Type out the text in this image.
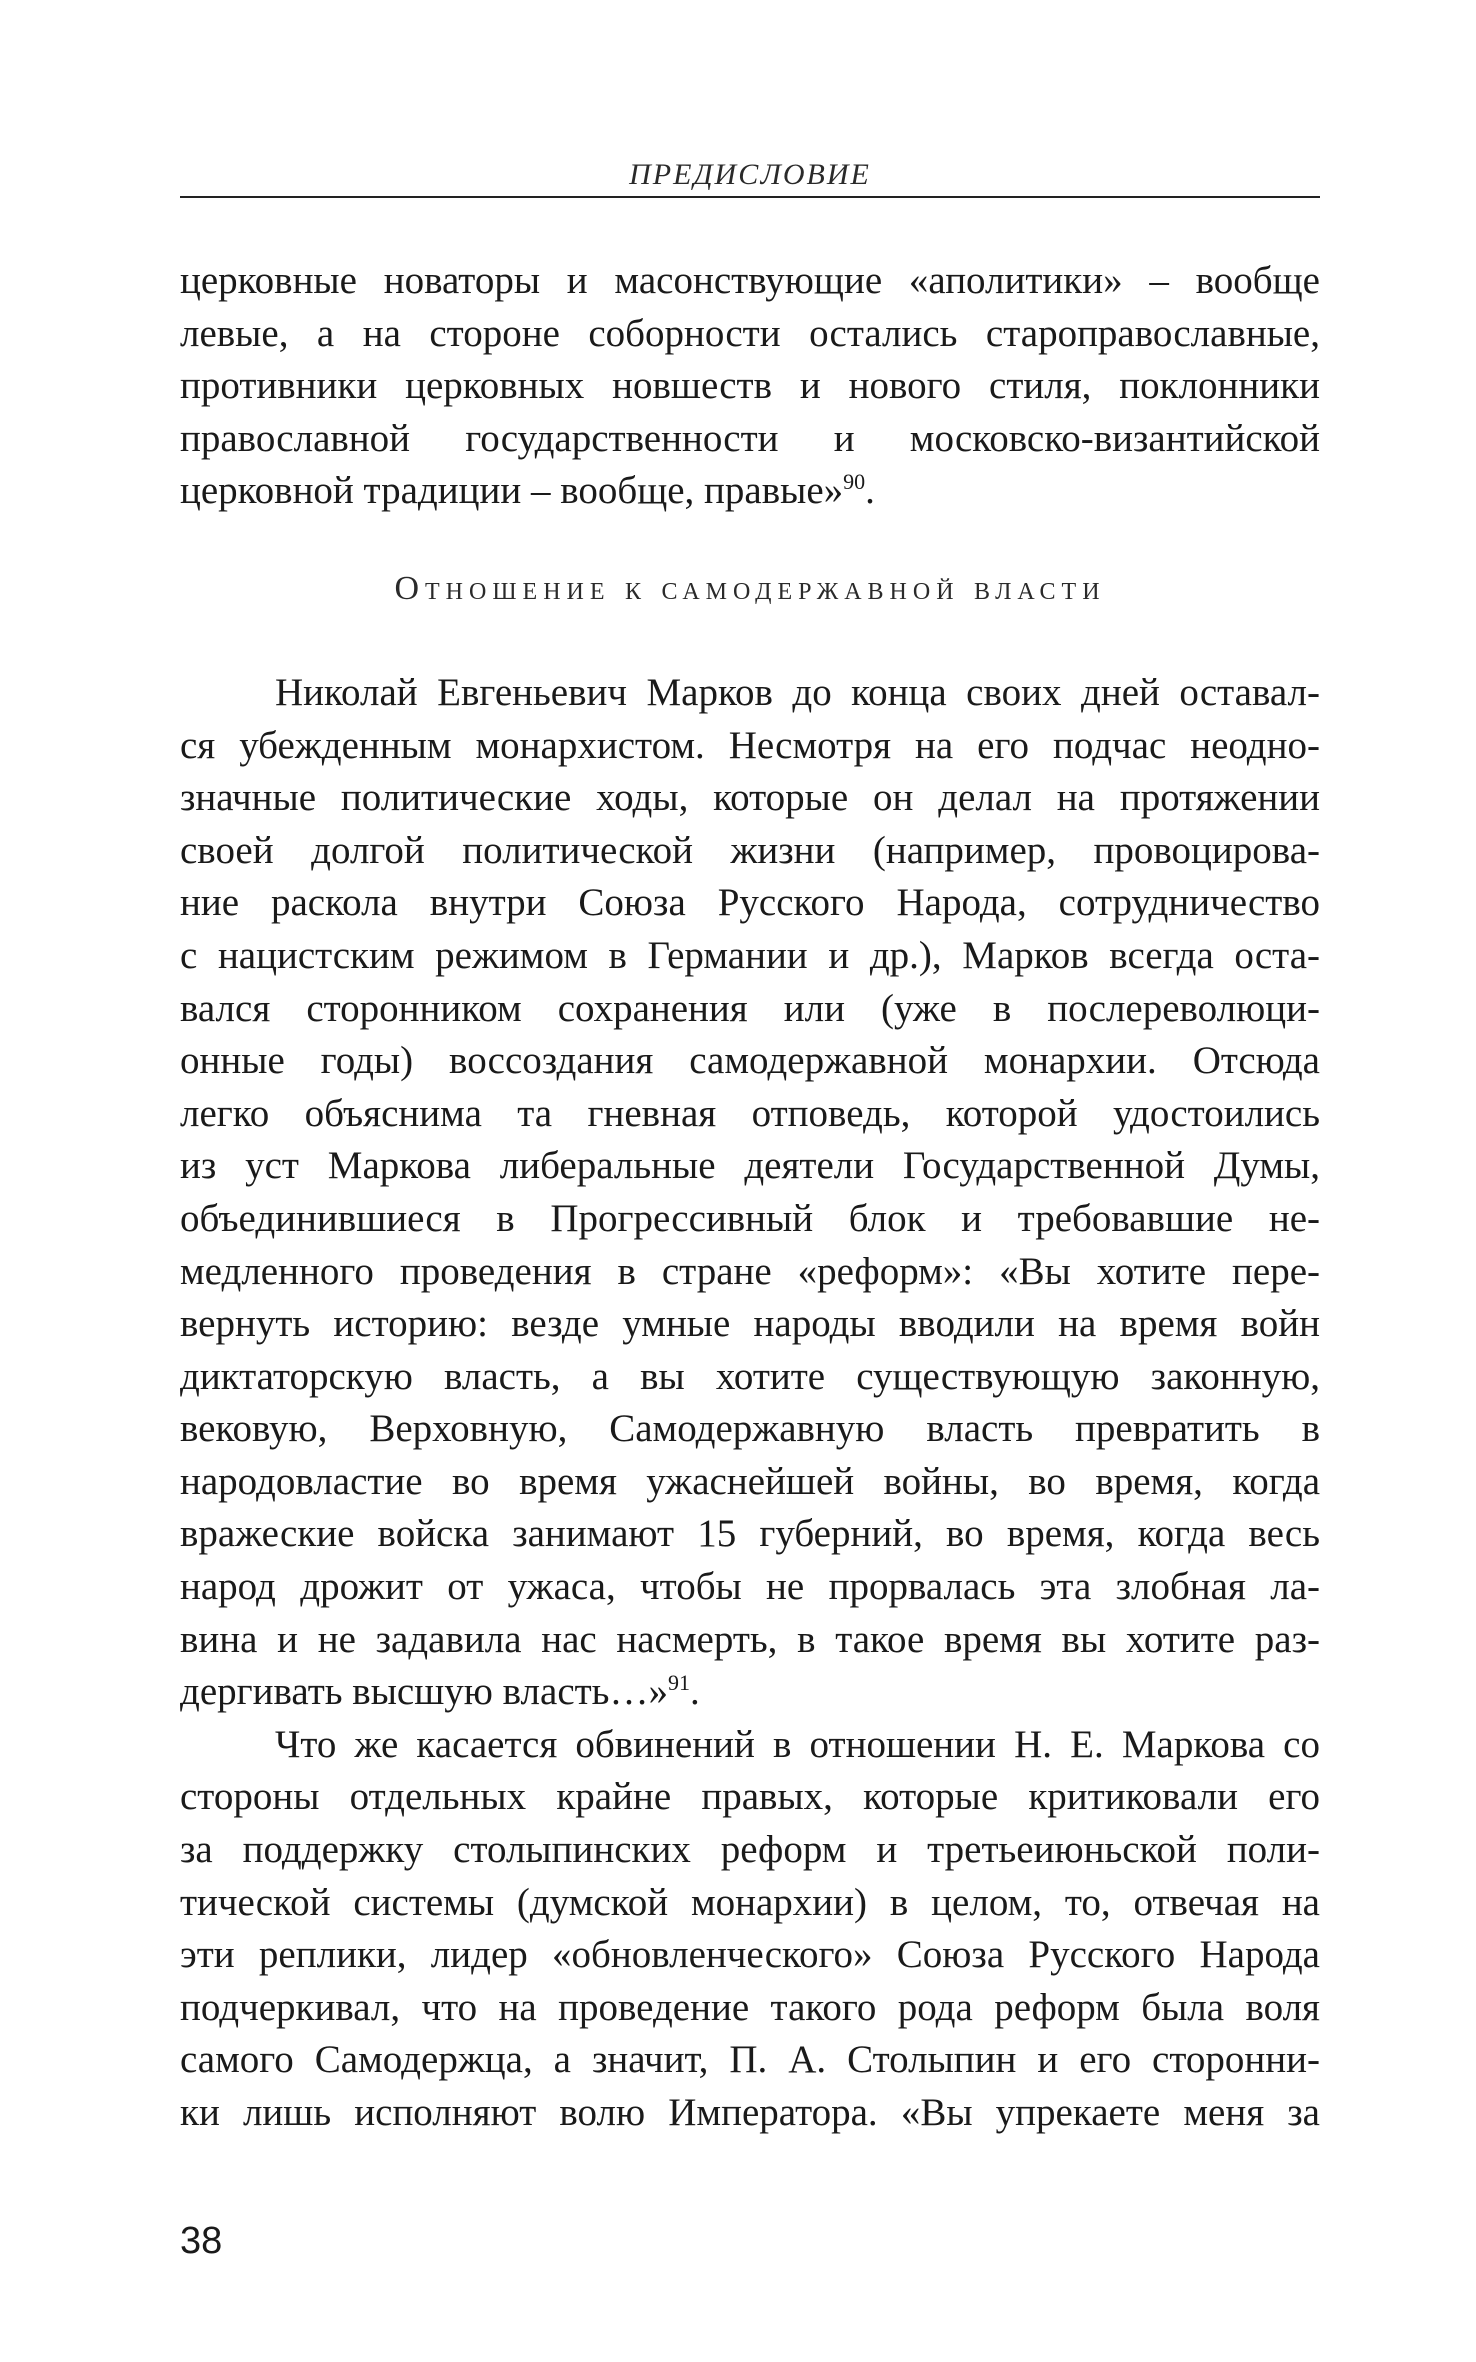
ПРЕДИСЛОВИЕ
церковные новаторы и масонствующие «аполитики» – вообще
левые, а на стороне соборности остались староправославные,
противники церковных новшеств и нового стиля, поклонники
православной государственности и московско-византийской
церковной традиции – вообще, правые»$^{90}$.
Отношение к самодержавной власти
Николай Евгеньевич Марков до конца своих дней оставал-
ся убежденным монархистом. Несмотря на его подчас неодно-
значные политические ходы, которые он делал на протяжении
своей долгой политической жизни (например, провоцирова-
ние раскола внутри Союза Русского Народа, сотрудничество
с нацистским режимом в Германии и др.), Марков всегда оста-
вался сторонником сохранения или (уже в послереволюци-
онные годы) воссоздания самодержавной монархии. Отсюда
легко объяснима та гневная отповедь, которой удостоились
из уст Маркова либеральные деятели Государственной Думы,
объединившиеся в Прогрессивный блок и требовавшие не-
медленного проведения в стране «реформ»: «Вы хотите пере-
вернуть историю: везде умные народы вводили на время войн
диктаторскую власть, а вы хотите существующую законную,
вековую, Верховную, Самодержавную власть превратить в
народовластие во время ужаснейшей войны, во время, когда
вражеские войска занимают 15 губерний, во время, когда весь
народ дрожит от ужаса, чтобы не прорвалась эта злобная ла-
вина и не задавила нас насмерть, в такое время вы хотите раз-
дергивать высшую власть…»$^{91}$.
Что же касается обвинений в отношении Н. Е. Маркова со
стороны отдельных крайне правых, которые критиковали его
за поддержку столыпинских реформ и третьеиюньской поли-
тической системы (думской монархии) в целом, то, отвечая на
эти реплики, лидер «обновленческого» Союза Русского Народа
подчеркивал, что на проведение такого рода реформ была воля
самого Самодержца, а значит, П. А. Столыпин и его сторонни-
ки лишь исполняют волю Императора. «Вы упрекаете меня за
38
